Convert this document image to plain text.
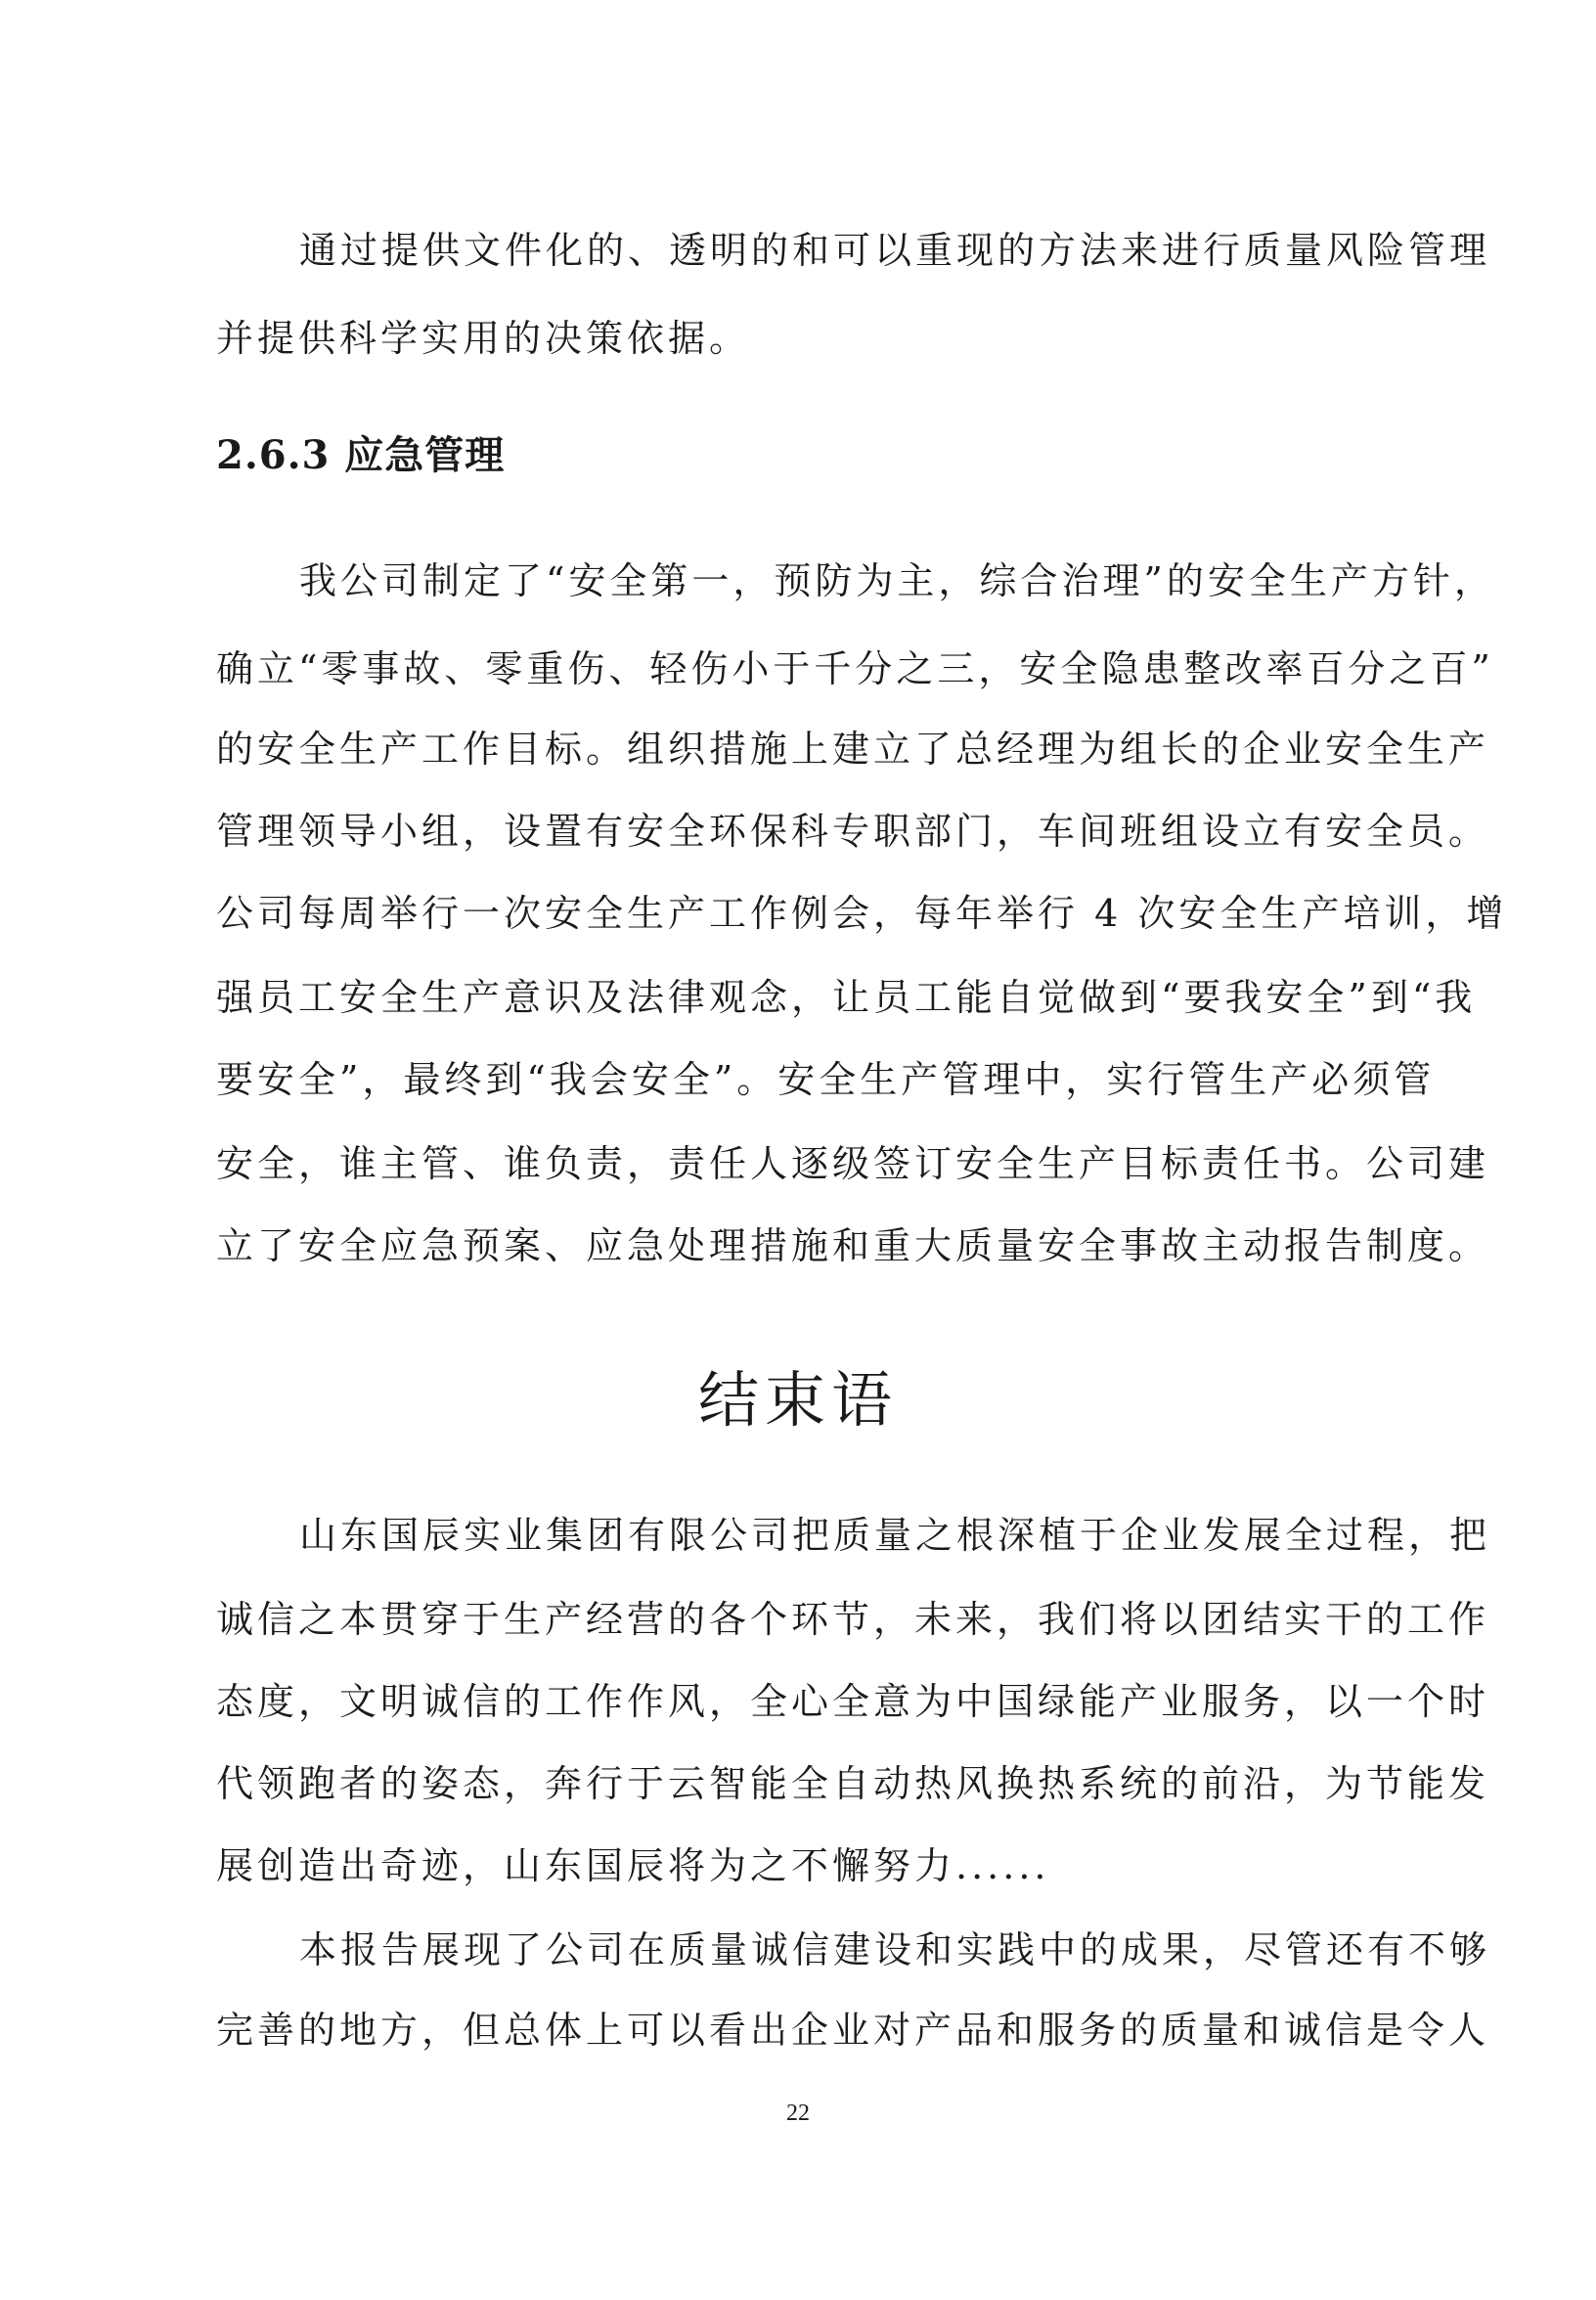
通过提供文件化的、透明的和可以重现的方法来进行质量风险管理
并提供科学实用的决策依据。
2.6.3 应急管理
我公司制定了“安全第一，预防为主，综合治理”的安全生产方针，
确立“零事故、零重伤、轻伤小于千分之三，安全隐患整改率百分之百”
的安全生产工作目标。组织措施上建立了总经理为组长的企业安全生产
管理领导小组，设置有安全环保科专职部门，车间班组设立有安全员。
公司每周举行一次安全生产工作例会，每年举行 4 次安全生产培训，增
强员工安全生产意识及法律观念，让员工能自觉做到“要我安全”到“我
要安全”，最终到“我会安全”。安全生产管理中，实行管生产必须管
安全，谁主管、谁负责，责任人逐级签订安全生产目标责任书。公司建
立了安全应急预案、应急处理措施和重大质量安全事故主动报告制度。
结束语
山东国辰实业集团有限公司把质量之根深植于企业发展全过程，把
诚信之本贯穿于生产经营的各个环节，未来，我们将以团结实干的工作
态度，文明诚信的工作作风，全心全意为中国绿能产业服务，以一个时
代领跑者的姿态，奔行于云智能全自动热风换热系统的前沿，为节能发
展创造出奇迹，山东国辰将为之不懈努力......
本报告展现了公司在质量诚信建设和实践中的成果，尽管还有不够
完善的地方，但总体上可以看出企业对产品和服务的质量和诚信是令人
22
